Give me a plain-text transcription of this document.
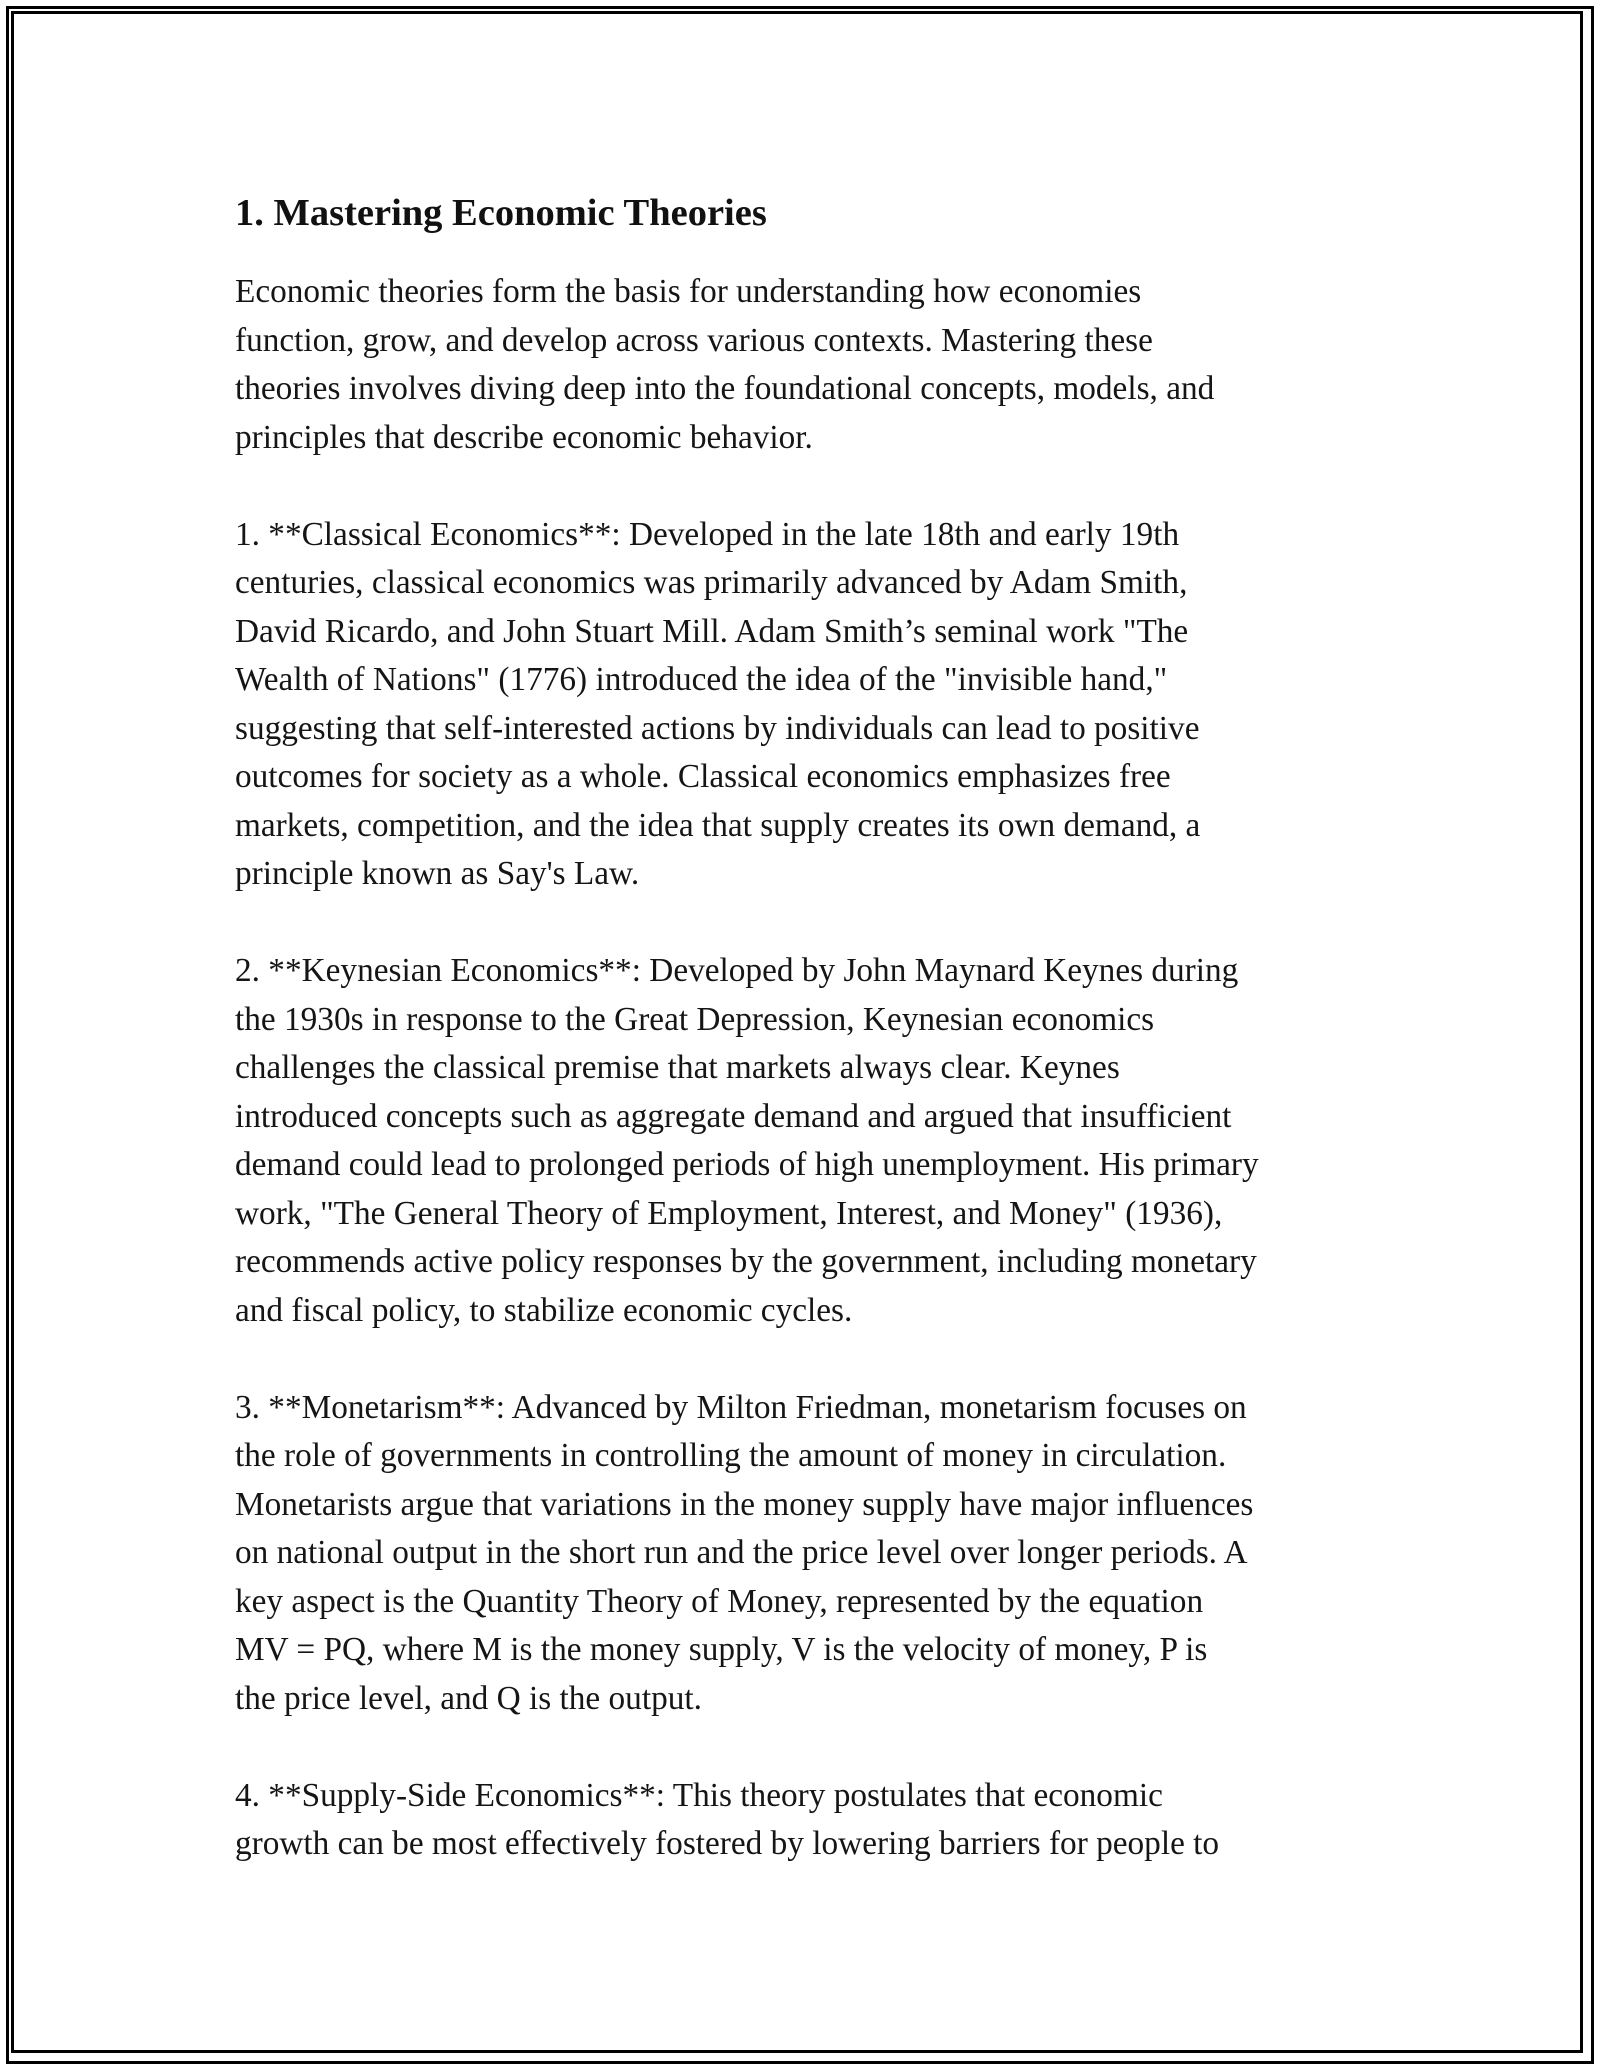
1. Mastering Economic Theories

Economic theories form the basis for understanding how economies
function, grow, and develop across various contexts. Mastering these
theories involves diving deep into the foundational concepts, models, and
principles that describe economic behavior.

1. **Classical Economics**: Developed in the late 18th and early 19th
centuries, classical economics was primarily advanced by Adam Smith,
David Ricardo, and John Stuart Mill. Adam Smith’s seminal work "The
Wealth of Nations" (1776) introduced the idea of the "invisible hand,"
suggesting that self-interested actions by individuals can lead to positive
outcomes for society as a whole. Classical economics emphasizes free
markets, competition, and the idea that supply creates its own demand, a
principle known as Say's Law.

2. **Keynesian Economics**: Developed by John Maynard Keynes during
the 1930s in response to the Great Depression, Keynesian economics
challenges the classical premise that markets always clear. Keynes
introduced concepts such as aggregate demand and argued that insufficient
demand could lead to prolonged periods of high unemployment. His primary
work, "The General Theory of Employment, Interest, and Money" (1936),
recommends active policy responses by the government, including monetary
and fiscal policy, to stabilize economic cycles.

3. **Monetarism**: Advanced by Milton Friedman, monetarism focuses on
the role of governments in controlling the amount of money in circulation.
Monetarists argue that variations in the money supply have major influences
on national output in the short run and the price level over longer periods. A
key aspect is the Quantity Theory of Money, represented by the equation
MV = PQ, where M is the money supply, V is the velocity of money, P is
the price level, and Q is the output.

4. **Supply-Side Economics**: This theory postulates that economic
growth can be most effectively fostered by lowering barriers for people to
